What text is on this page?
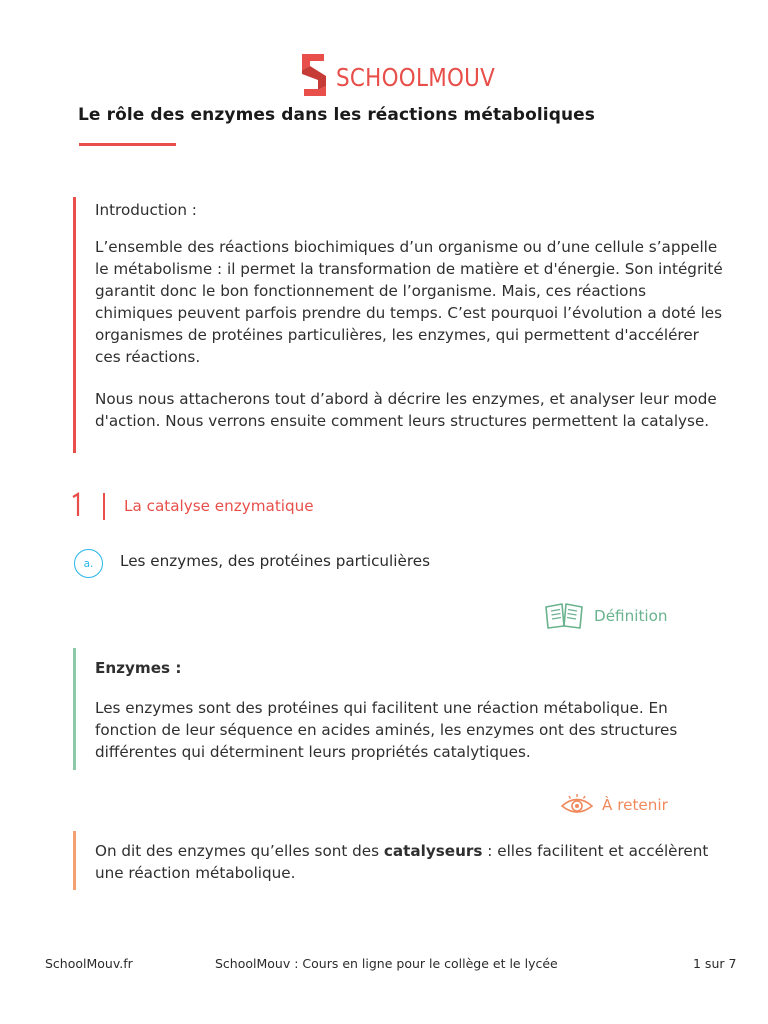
SCHOOLMOUV
Le rôle des enzymes dans les réactions métaboliques

Introduction :

L’ensemble des réactions biochimiques d’un organisme ou d’une cellule s’appelle le métabolisme : il permet la transformation de matière et d'énergie. Son intégrité garantit donc le bon fonctionnement de l’organisme. Mais, ces réactions chimiques peuvent parfois prendre du temps. C’est pourquoi l’évolution a doté les organismes de protéines particulières, les enzymes, qui permettent d'accélérer ces réactions.

Nous nous attacherons tout d’abord à décrire les enzymes, et analyser leur mode d'action. Nous verrons ensuite comment leurs structures permettent la catalyse.

La catalyse enzymatique
a. Les enzymes, des protéines particulières
Définition

Enzymes :

Les enzymes sont des protéines qui facilitent une réaction métabolique. En fonction de leur séquence en acides aminés, les enzymes ont des structures différentes qui déterminent leurs propriétés catalytiques.

À retenir

On dit des enzymes qu’elles sont des catalyseurs : elles facilitent et accélèrent une réaction métabolique.

SchoolMouv.fr	SchoolMouv : Cours en ligne pour le collège et le lycée	1 sur 7
